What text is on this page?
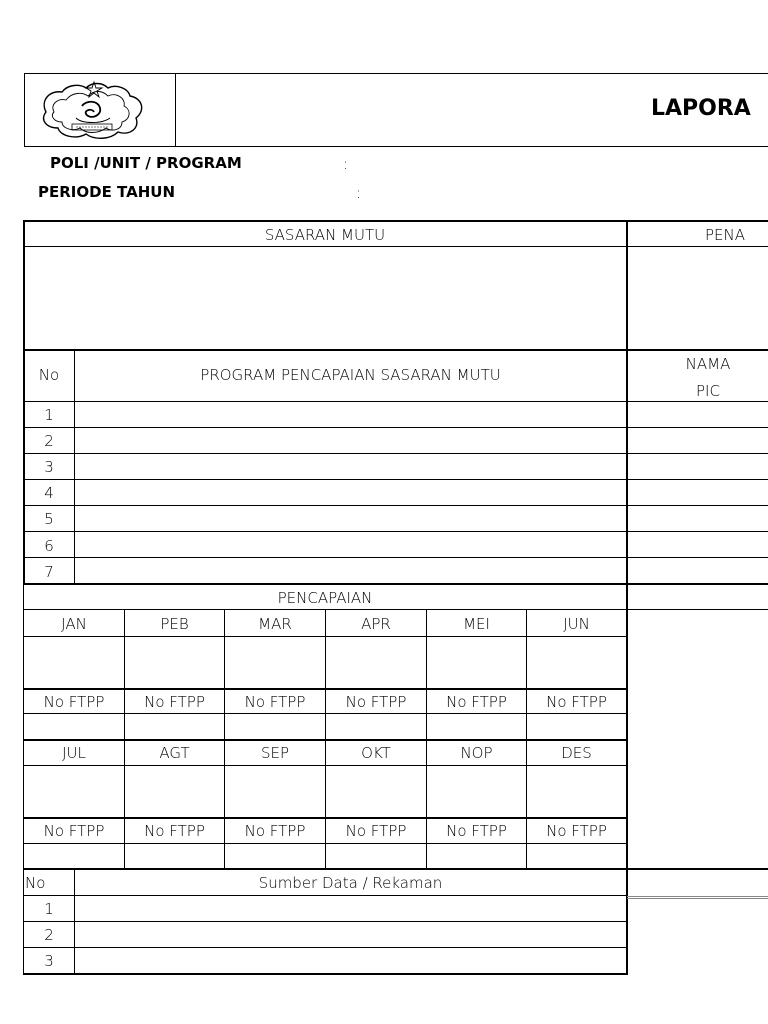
LAPORA
POLI /UNIT / PROGRAM	:
PERIODE TAHUN	:
SASARAN MUTU	PENA
No	PROGRAM PENCAPAIAN SASARAN MUTU
NAMA
PIC
1
2
3
4
5
6
7
PENCAPAIAN
JAN	PEB	MAR	APR	MEI	JUN
No FTPP	No FTPP	No FTPP	No FTPP	No FTPP	No FTPP
JUL	AGT	SEP	OKT	NOP	DES
No FTPP	No FTPP	No FTPP	No FTPP	No FTPP	No FTPP
No	Sumber Data / Rekaman
1
2
3
